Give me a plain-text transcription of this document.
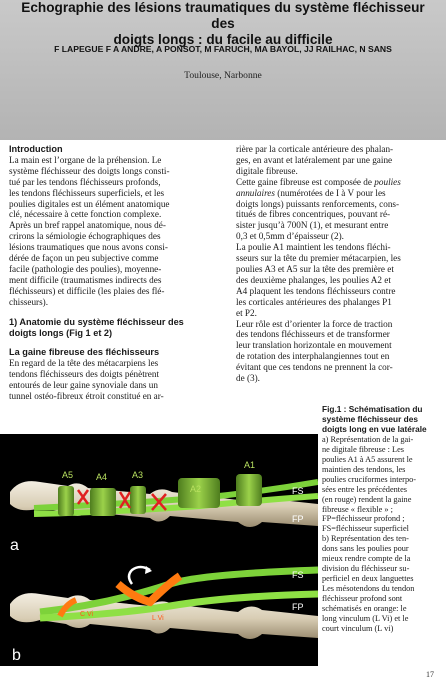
Echographie des lésions traumatiques du système fléchisseur des
doigts longs : du facile au difficile
F LAPEGUE F A ANDRE, A PONSOT, M FARUCH, MA BAYOL, JJ RAILHAC, N SANS
Toulouse, Narbonne
Introduction
La main est l’organe de la préhension. Le
système fléchisseur des doigts longs consti-
tué par les tendons fléchisseurs profonds,
les tendons fléchisseurs superficiels, et les
poulies digitales est un élément anatomique
clé, nécessaire à cette fonction complexe.
Après un bref rappel anatomique, nous dé-
crirons la sémiologie échographiques des
lésions traumatiques que nous avons consi-
dérée de façon un peu subjective comme
facile (pathologie des poulies), moyenne-
ment difficile (traumatismes indirects des
fléchisseurs) et difficile (les plaies des flé-
chisseurs).
1) Anatomie du système fléchisseur des
doigts longs (Fig 1 et 2)
La gaine fibreuse des fléchisseurs
En regard de la tête des métacarpiens les
tendons fléchisseurs des doigts pénètrent
entourés de leur gaine synoviale dans un
tunnel ostéo-fibreux étroit constitué en ar-
rière par la corticale antérieure des phalan-
ges, en avant et latéralement par une gaine
digitale fibreuse.
Cette gaine fibreuse est composée de poulies
annulaires (numérotées de I à V pour les
doigts longs) puissants renforcements, cons-
titués de fibres concentriques, pouvant ré-
sister jusqu’à 700N (1), et mesurant entre
0,3 et 0,5mm d’épaisseur (2).
La poulie A1 maintient les tendons fléchi-
sseurs sur la tête du premier métacarpien, les
poulies A3 et A5 sur la tête des première et
des deuxième phalanges, les poulies A2 et
A4 plaquent les tendons fléchisseurs contre
les corticales antérieures des phalanges P1
et P2.
Leur rôle est d’orienter la force de traction
des tendons fléchisseurs et de transformer
leur translation horizontale en mouvement
de rotation des interphalangiennes tout en
évitant que ces tendons ne prennent la cor-
de (3).
A5	A4	A3
A2
A1
FS
FP
a
FS
FP
b
C Vi
L Vi
Fig.1 : Schématisation du
système fléchisseur des
doigts long en vue latérale
a) Représentation de la gai-
ne digitale fibreuse : Les
poulies A1 à A5 assurent le
maintien des tendons, les
poulies cruciformes interpo-
sées entre les précédentes
(en rouge) rendent la gaine
fibreuse « flexible » ;
FP=fléchisseur profond ;
FS=fléchisseur superficiel
b) Représentation des ten-
dons sans les poulies pour
mieux rendre compte de la
division du fléchisseur su-
perficiel en deux languettes
Les mésotendons du tendon
fléchisseur profond sont
schématisés en orange: le
long vinculum (L Vi) et le
court vinculum (L vi)
17
